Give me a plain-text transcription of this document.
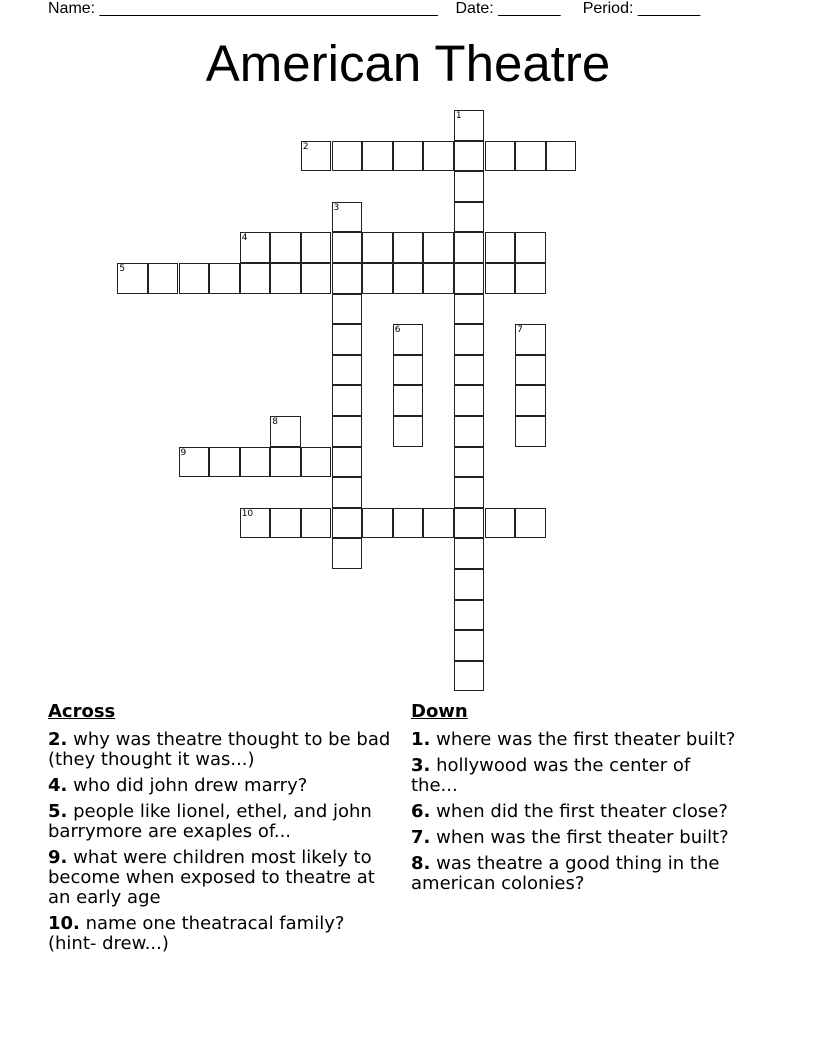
Name: ______________________________________ Date: _______ Period: _______
American Theatre
1
2
3
4
5
6	7
8
9
10
Across
2. why was theatre thought to be bad (they thought it was...)
4. who did john drew marry?
5. people like lionel, ethel, and john barrymore are exaples of...
9. what were children most likely to become when exposed to theatre at an early age
10. name one theatracal family? (hint- drew...)
Down
1. where was the first theater built?
3. hollywood was the center of the...
6. when did the first theater close?
7. when was the first theater built?
8. was theatre a good thing in the american colonies?
